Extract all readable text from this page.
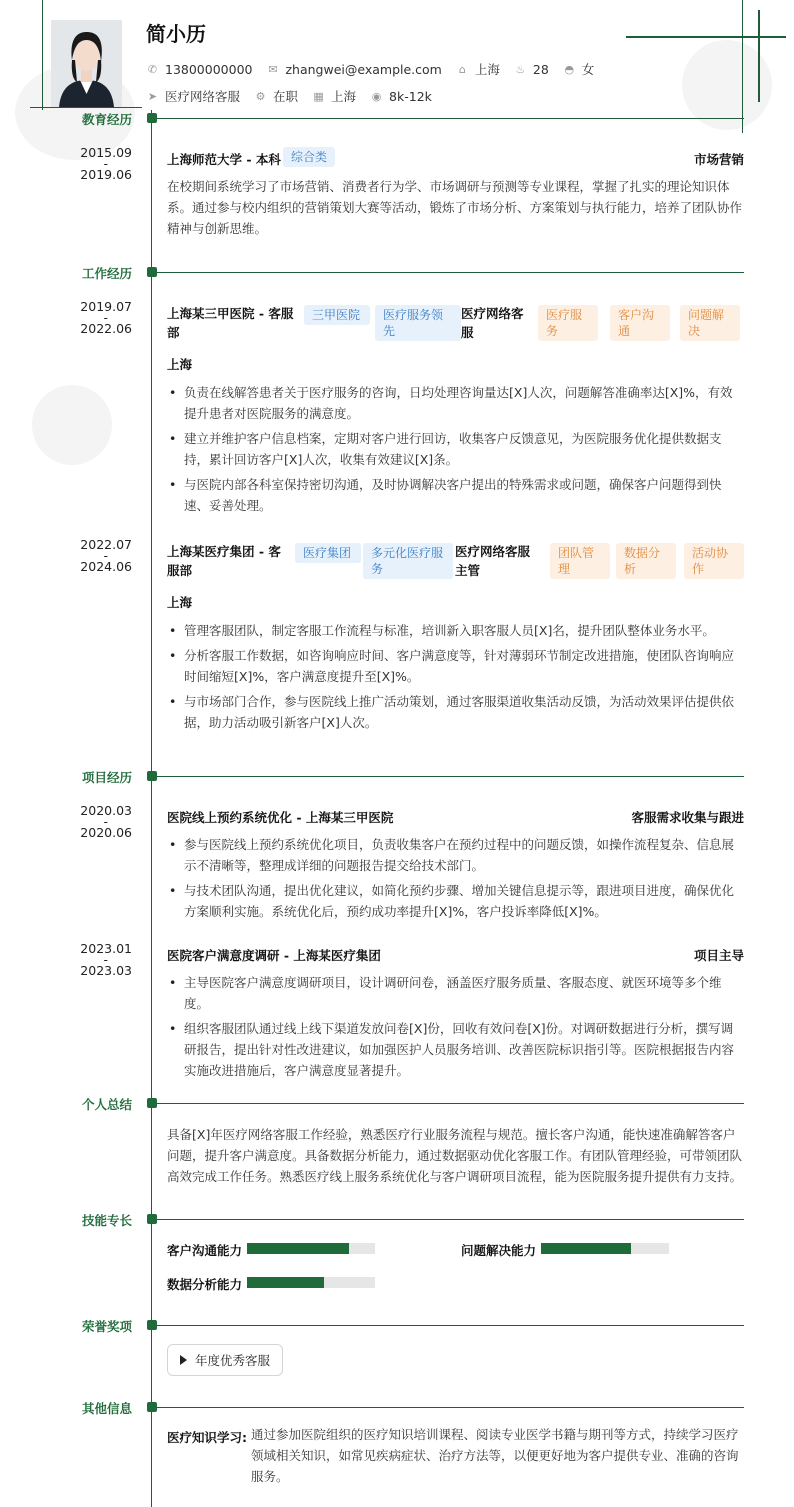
简小历
✆ 13800000000 ✉ zhangwei@example.com ⌂ 上海 ♨ 28 ◓ 女
➤ 医疗网络客服 ⚙ 在职 ▦ 上海 ◉ 8k-12k
教育经历
2015.09
-
2019.06
上海师范大学 - 本科 综合类	市场营销
在校期间系统学习了市场营销、消费者行为学、市场调研与预测等专业课程，掌握了扎实的理论知识体系。通过参与校内组织的营销策划大赛等活动，锻炼了市场分析、方案策划与执行能力，培养了团队协作精神与创新思维。
工作经历
2019.07
-
2022.06
上海某三甲医院 - 客服部
三甲医院	医疗服务领先
医疗网络客服
医疗服务
客户沟通
问题解决
上海
• 负责在线解答患者关于医疗服务的咨询，日均处理咨询量达[X]人次，问题解答准确率达[X]%，有效提升患者对医院服务的满意度。
• 建立并维护客户信息档案，定期对客户进行回访，收集客户反馈意见，为医院服务优化提供数据支持，累计回访客户[X]人次，收集有效建议[X]条。
• 与医院内部各科室保持密切沟通，及时协调解决客户提出的特殊需求或问题，确保客户问题得到快速、妥善处理。
2022.07
-
2024.06
上海某医疗集团 - 客服部
医疗集团	多元化医疗服务
医疗网络客服主管
团队管理
数据分析
活动协作
上海
• 管理客服团队，制定客服工作流程与标准，培训新入职客服人员[X]名，提升团队整体业务水平。
• 分析客服工作数据，如咨询响应时间、客户满意度等，针对薄弱环节制定改进措施，使团队咨询响应时间缩短[X]%，客户满意度提升至[X]%。
• 与市场部门合作，参与医院线上推广活动策划，通过客服渠道收集活动反馈，为活动效果评估提供依据，助力活动吸引新客户[X]人次。
项目经历
2020.03
-
2020.06
医院线上预约系统优化 - 上海某三甲医院	客服需求收集与跟进
• 参与医院线上预约系统优化项目，负责收集客户在预约过程中的问题反馈，如操作流程复杂、信息展示不清晰等，整理成详细的问题报告提交给技术部门。
• 与技术团队沟通，提出优化建议，如简化预约步骤、增加关键信息提示等，跟进项目进度，确保优化方案顺利实施。系统优化后，预约成功率提升[X]%，客户投诉率降低[X]%。
2023.01
-
2023.03
医院客户满意度调研 - 上海某医疗集团	项目主导
• 主导医院客户满意度调研项目，设计调研问卷，涵盖医疗服务质量、客服态度、就医环境等多个维度。
• 组织客服团队通过线上线下渠道发放问卷[X]份，回收有效问卷[X]份。对调研数据进行分析，撰写调研报告，提出针对性改进建议，如加强医护人员服务培训、改善医院标识指引等。医院根据报告内容实施改进措施后，客户满意度显著提升。
个人总结
具备[X]年医疗网络客服工作经验，熟悉医疗行业服务流程与规范。擅长客户沟通，能快速准确解答客户问题，提升客户满意度。具备数据分析能力，通过数据驱动优化客服工作。有团队管理经验，可带领团队高效完成工作任务。熟悉医疗线上服务系统优化与客户调研项目流程，能为医院服务提升提供有力支持。
技能专长
客户沟通能力	问题解决能力
数据分析能力
荣誉奖项
年度优秀客服
其他信息
医疗知识学习: 通过参加医院组织的医疗知识培训课程、阅读专业医学书籍与期刊等方式，持续学习医疗领域相关知识，如常见疾病症状、治疗方法等，以便更好地为客户提供专业、准确的咨询服务。
